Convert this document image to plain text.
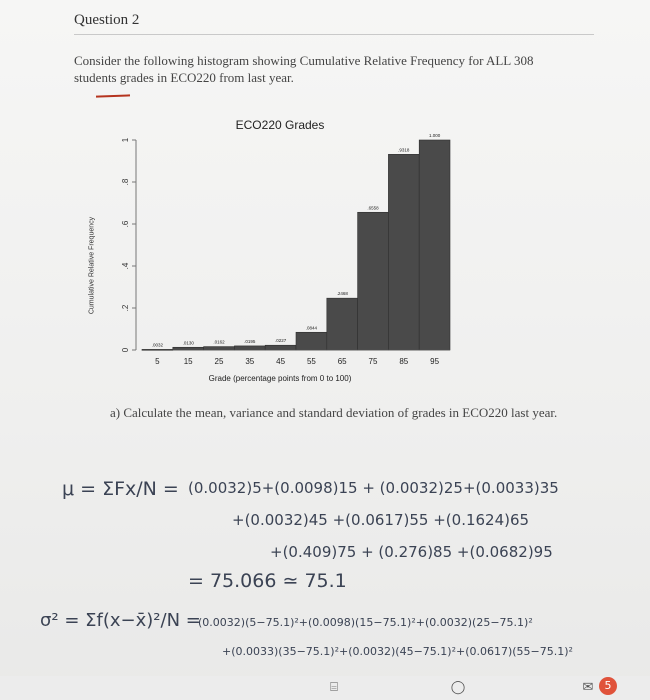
Question 2
Consider the following histogram showing Cumulative Relative Frequency for ALL 308 students grades in ECO220 from last year.
ECO220 Grades
Cumulative Relative Frequency
0
.2
.4
.6
.8
1
.0032
5
.0130
15
.0162
25
.0195
35
.0227
45
.0844
55
.2468
65
.6558
75
.9318
85
1.000
95
Grade (percentage points from 0 to 100)
a) Calculate the mean, variance and standard deviation of grades in ECO220 last year.
μ = ΣFx/N = (0.0032)5+(0.0098)15 + (0.0032)25+(0.0033)35
+(0.0032)45 +(0.0617)55 +(0.1624)65
+(0.409)75 + (0.276)85 +(0.0682)95
= 75.066 ≃ 75.1
σ² = Σf(x−x̄)²/N =
(0.0032)(5−75.1)²+(0.0098)(15−75.1)²+(0.0032)(25−75.1)²
+(0.0033)(35−75.1)²+(0.0032)(45−75.1)²+(0.0617)(55−75.1)²
⌸	◯	✉	5
